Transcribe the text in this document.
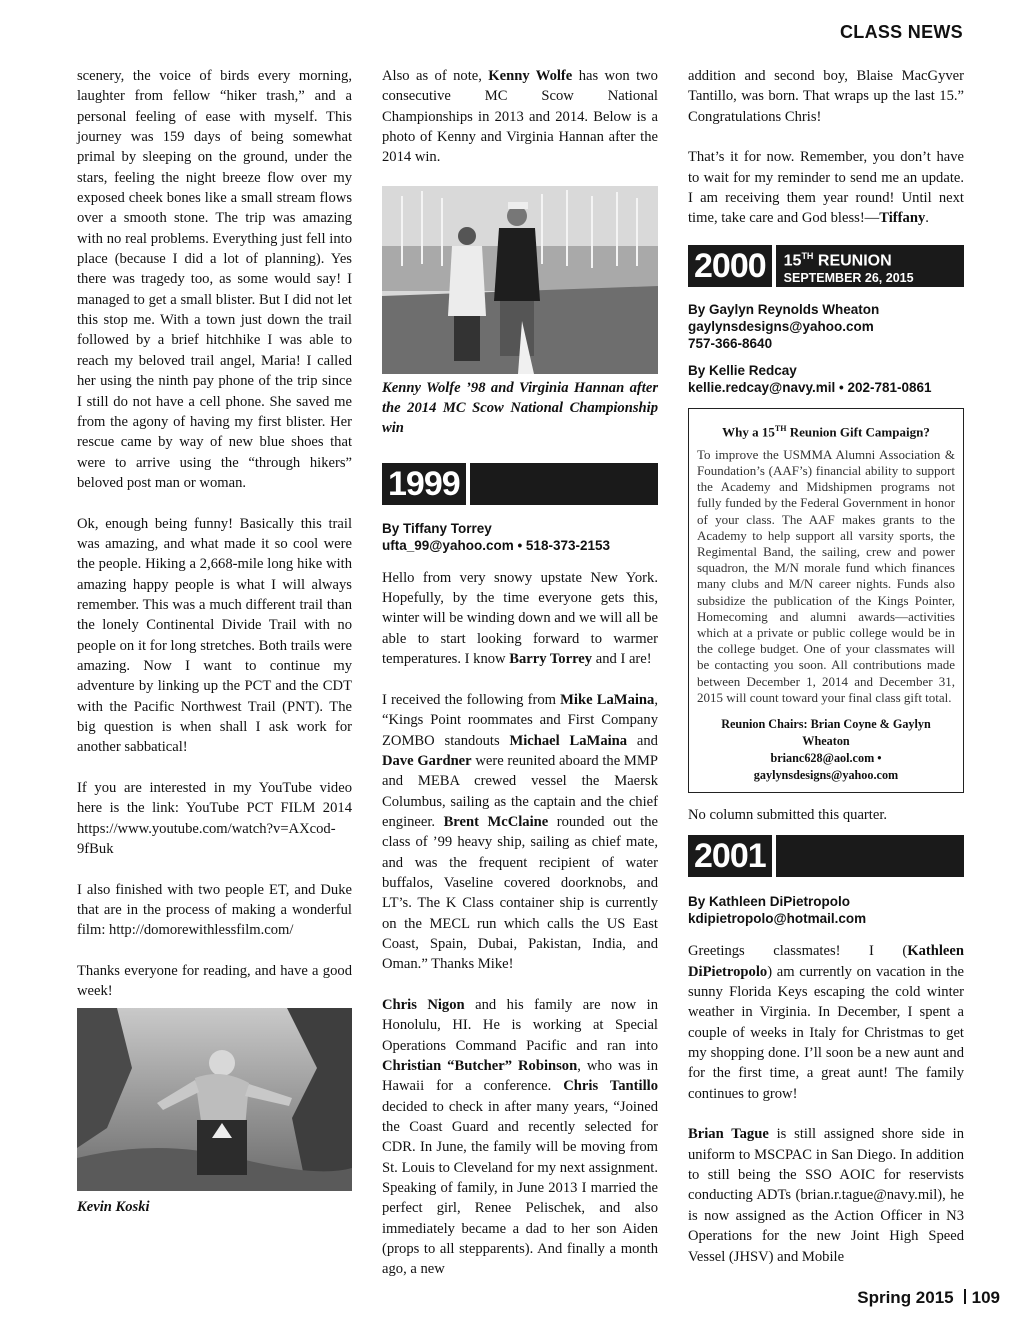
CLASS NEWS

scenery, the voice of birds every morning, laughter from fellow “hiker trash,” and a personal feeling of ease with myself. This journey was 159 days of being somewhat primal by sleeping on the ground, under the stars, feeling the night breeze flow over my exposed cheek bones like a small stream flows over a smooth stone. The trip was amazing with no real problems. Everything just fell into place (because I did a lot of planning). Yes there was tragedy too, as some would say! I managed to get a small blister. But I did not let this stop me. With a town just down the trail followed by a brief hitchhike I was able to reach my beloved trail angel, Maria! I called her using the ninth pay phone of the trip since I still do not have a cell phone. She saved me from the agony of having my first blister. Her rescue came by way of new blue shoes that were to arrive using the “through hikers” beloved post man or woman.

Ok, enough being funny! Basically this trail was amazing, and what made it so cool were the people. Hiking a 2,668-mile long hike with amazing happy people is what I will always remember. This was a much different trail than the lonely Continental Divide Trail with no people on it for long stretches. Both trails were amazing. Now I want to continue my adventure by linking up the PCT and the CDT with the Pacific Northwest Trail (PNT). The big question is when shall I ask work for another sabbatical!

If you are interested in my YouTube video here is the link: YouTube PCT FILM 2014 https://www.youtube.com/watch?v=AXcod-9fBuk

I also finished with two people ET, and Duke that are in the process of making a wonderful film: http://domorewithlessfilm.com/

Thanks everyone for reading, and have a good week!

Kevin Koski

Also as of note, Kenny Wolfe has won two consecutive MC Scow National Championships in 2013 and 2014. Below is a photo of Kenny and Virginia Hannan after the 2014 win.

Kenny Wolfe ’98 and Virginia Hannan after the 2014 MC Scow National Championship win
1999
By Tiffany Torrey
ufta_99@yahoo.com • 518-373-2153

Hello from very snowy upstate New York. Hopefully, by the time everyone gets this, winter will be winding down and we will all be able to start looking forward to warmer temperatures. I know Barry Torrey and I are!

I received the following from Mike LaMaina, “Kings Point roommates and First Company ZOMBO standouts Michael LaMaina and Dave Gardner were reunited aboard the MMP and MEBA crewed vessel the Maersk Columbus, sailing as the captain and the chief engineer. Brent McClaine rounded out the class of ’99 heavy ship, sailing as chief mate, and was the frequent recipient of water buffalos, Vaseline covered doorknobs, and LT’s. The K Class container ship is currently on the MECL run which calls the US East Coast, Spain, Dubai, Pakistan, India, and Oman.” Thanks Mike!

Chris Nigon and his family are now in Honolulu, HI. He is working at Special Operations Command Pacific and ran into Christian “Butcher” Robinson, who was in Hawaii for a conference. Chris Tantillo decided to check in after many years, “Joined the Coast Guard and recently selected for CDR. In June, the family will be moving from St. Louis to Cleveland for my next assignment. Speaking of family, in June 2013 I married the perfect girl, Renee Pelischek, and also immediately became a dad to her son Aiden (props to all stepparents). And finally a month ago, a new

addition and second boy, Blaise MacGyver Tantillo, was born. That wraps up the last 15.” Congratulations Chris!

That’s it for now. Remember, you don’t have to wait for my reminder to send me an update. I am receiving them year round! Until next time, take care and God bless!—Tiffany.

2000	15TH REUNION
SEPTEMBER 26, 2015
By Gaylyn Reynolds Wheaton
gaylynsdesigns@yahoo.com
757-366-8640
By Kellie Redcay
kellie.redcay@navy.mil • 202-781-0861
Why a 15TH Reunion Gift Campaign?
To improve the USMMA Alumni Association & Foundation’s (AAF’s) financial ability to support the Academy and Midshipmen programs not fully funded by the Federal Government in honor of your class. The AAF makes grants to the Academy to help support all varsity sports, the Regimental Band, the sailing, crew and power squadron, the M/N morale fund which finances many clubs and M/N career nights. Funds also subsidize the publication of the Kings Pointer, Homecoming and alumni awards—activities which at a private or public college would be in the college budget. One of your classmates will be contacting you soon. All contributions made between December 1, 2014 and December 31, 2015 will count toward your final class gift total.
Reunion Chairs: Brian Coyne & Gaylyn Wheaton
brianc628@aol.com • gaylynsdesigns@yahoo.com

No column submitted this quarter.

2001
By Kathleen DiPietropolo
kdipietropolo@hotmail.com

Greetings classmates! I (Kathleen DiPietropolo) am currently on vacation in the sunny Florida Keys escaping the cold winter weather in Virginia. In December, I spent a couple of weeks in Italy for Christmas to get my shopping done. I’ll soon be a new aunt and for the first time, a great aunt! The family continues to grow!

Brian Tague is still assigned shore side in uniform to MSCPAC in San Diego. In addition to still being the SSO AOIC for reservists conducting ADTs (brian.r.tague@navy.mil), he is now assigned as the Action Officer in N3 Operations for the new Joint High Speed Vessel (JHSV) and Mobile

Spring 2015 109
